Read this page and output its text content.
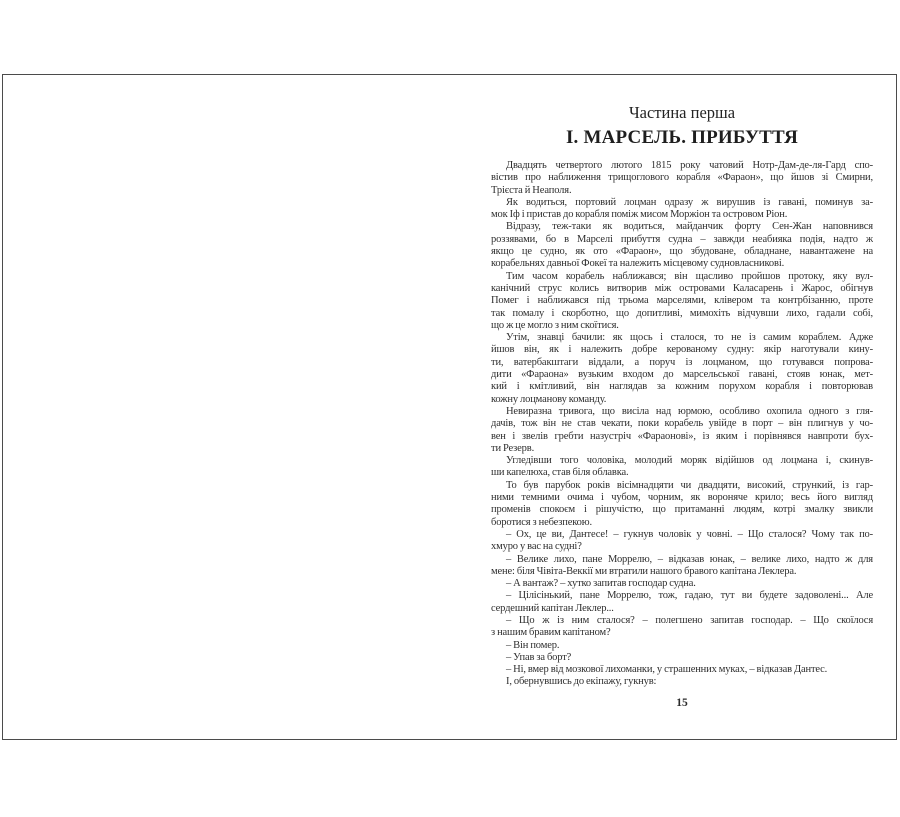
Частина перша
І. МАРСЕЛЬ. ПРИБУТТЯ
Двадцять четвертого лютого 1815 року чатовий Нотр-Дам-де-ля-Гард спо-
вістив про наближення трищоглового корабля «Фараон», що йшов зі Смирни,
Трієста й Неаполя.
Як водиться, портовий лоцман одразу ж вирушив із гавані, поминув за-
мок Іф і пристав до корабля поміж мисом Моржіон та островом Ріон.
Відразу, теж-таки як водиться, майданчик форту Сен-Жан наповнився
роззявами, бо в Марселі прибуття судна – завжди неабияка подія, надто ж
якщо це судно, як ото «Фараон», що збудоване, обладнане, навантажене на
корабельнях давньої Фокеї та належить місцевому судновласникові.
Тим часом корабель наближався; він щасливо пройшов протоку, яку вул-
канічний струс колись витворив між островами Каласарень і Жарос, обігнув
Помег і наближався під трьома марселями, клівером та контрбізанню, проте
так помалу і скорботно, що допитливі, мимохіть відчувши лихо, гадали собі,
що ж це могло з ним скоїтися.
Утім, знавці бачили: як щось і сталося, то не із самим кораблем. Адже
йшов він, як і належить добре керованому судну: якір наготували кину-
ти, ватербакштаги віддали, а поруч із лоцманом, що готувався попрова-
дити «Фараона» вузьким входом до марсельської гавані, стояв юнак, мет-
кий і кмітливий, він наглядав за кожним порухом корабля і повторював
кожну лоцманову команду.
Невиразна тривога, що висіла над юрмою, особливо охопила одного з гля-
дачів, тож він не став чекати, поки корабель увійде в порт – він плигнув у чо-
вен і звелів гребти назустріч «Фараонові», із яким і порівнявся навпроти бух-
ти Резерв.
Угледівши того чоловіка, молодий моряк відійшов од лоцмана і, скинув-
ши капелюха, став біля облавка.
То був парубок років вісімнадцяти чи двадцяти, високий, стрункий, із гар-
ними темними очима і чубом, чорним, як вороняче крило; весь його вигляд
променів спокоєм і рішучістю, що притаманні людям, котрі змалку звикли
боротися з небезпекою.
– Ох, це ви, Дантесе! – гукнув чоловік у човні. – Що сталося? Чому так по-
хмуро у вас на судні?
– Велике лихо, пане Моррелю, – відказав юнак, – велике лихо, надто ж для
мене: біля Чівіта-Веккії ми втратили нашого бравого капітана Леклера.
– А вантаж? – хутко запитав господар судна.
– Цілісінький, пане Моррелю, тож, гадаю, тут ви будете задоволені... Але
сердешний капітан Леклер...
– Що ж із ним сталося? – полегшено запитав господар. – Що скоїлося
з нашим бравим капітаном?
– Він помер.
– Упав за борт?
– Ні, вмер від мозкової лихоманки, у страшенних муках, – відказав Дантес.
І, обернувшись до екіпажу, гукнув:
15
